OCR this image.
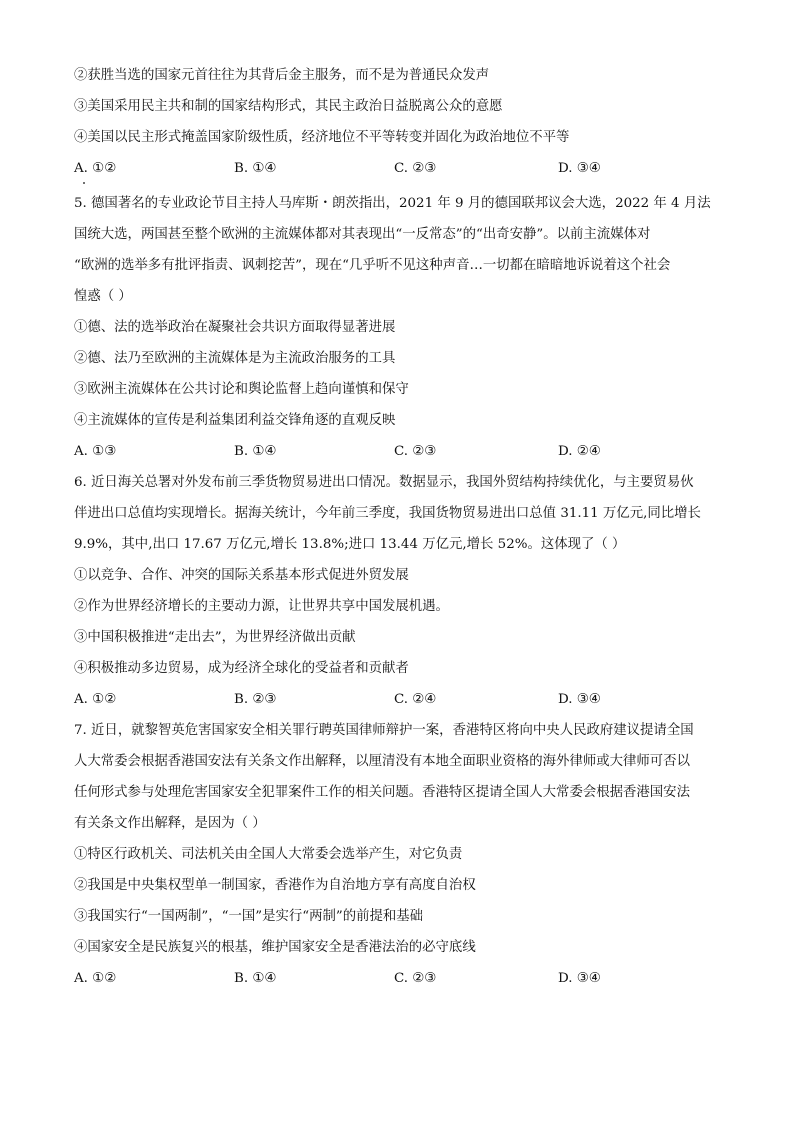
②获胜当选的国家元首往往为其背后金主服务，而不是为普通民众发声
③美国采用民主共和制的国家结构形式，其民主政治日益脱离公众的意愿
④美国以民主形式掩盖国家阶级性质，经济地位不平等转变并固化为政治地位不平等
A. ①②	B. ①④	C. ②③	D. ③④
5. 德国著名的专业政论节目主持人马库斯・朗茨指出，2021 年 9 月的德国联邦议会大选，2022 年 4 月法
国统大选，两国甚至整个欧洲的主流媒体都对其表现出“一反常态”的“出奇安静”。以前主流媒体对
“欧洲的选举多有批评指责、讽刺挖苦”，现在“几乎听不见这种声音…一切都在暗暗地诉说着这个社会
惶惑（ ）
①德、法的选举政治在凝聚社会共识方面取得显著进展
②德、法乃至欧洲的主流媒体是为主流政治服务的工具
③欧洲主流媒体在公共讨论和舆论监督上趋向谨慎和保守
④主流媒体的宣传是利益集团利益交锋角逐的直观反映
A. ①③	B. ①④	C. ②③	D. ②④
6. 近日海关总署对外发布前三季货物贸易进出口情况。数据显示，我国外贸结构持续优化，与主要贸易伙
伴进出口总值均实现增长。据海关统计，今年前三季度，我国货物贸易进出口总值 31.11 万亿元,同比增长
9.9%，其中,出口 17.67 万亿元,增长 13.8%;进口 13.44 万亿元,增长 52%。这体现了（ ）
①以竞争、合作、冲突的国际关系基本形式促进外贸发展
②作为世界经济增长的主要动力源，让世界共享中国发展机遇。
③中国积极推进“走出去”，为世界经济做出贡献
④积极推动多边贸易，成为经济全球化的受益者和贡献者
A. ①②	B. ②③	C. ②④	D. ③④
7. 近日，就黎智英危害国家安全相关罪行聘英国律师辩护一案，香港特区将向中央人民政府建议提请全国
人大常委会根据香港国安法有关条文作出解释，以厘清没有本地全面职业资格的海外律师或大律师可否以
任何形式参与处理危害国家安全犯罪案件工作的相关问题。香港特区提请全国人大常委会根据香港国安法
有关条文作出解释，是因为（ ）
①特区行政机关、司法机关由全国人大常委会选举产生，对它负责
②我国是中央集权型单一制国家，香港作为自治地方享有高度自治权
③我国实行“一国两制”，“一国”是实行“两制”的前提和基础
④国家安全是民族复兴的根基，维护国家安全是香港法治的必守底线
A. ①②	B. ①④	C. ②③	D. ③④
